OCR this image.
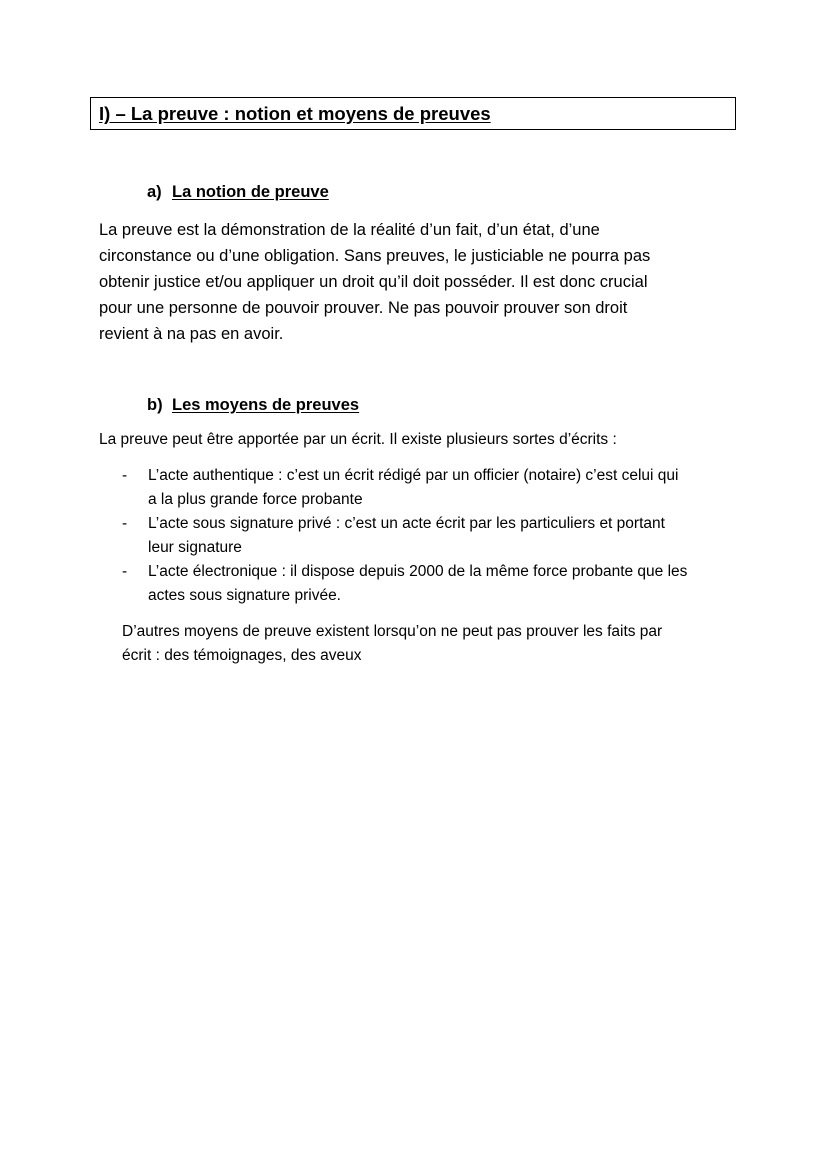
I) – La preuve : notion et moyens de preuves
a) La notion de preuve
La preuve est la démonstration de la réalité d’un fait, d’un état, d’une
circonstance ou d’une obligation. Sans preuves, le justiciable ne pourra pas
obtenir justice et/ou appliquer un droit qu’il doit posséder. Il est donc crucial
pour une personne de pouvoir prouver. Ne pas pouvoir prouver son droit
revient à na pas en avoir.
b) Les moyens de preuves
La preuve peut être apportée par un écrit. Il existe plusieurs sortes d’écrits :
- L’acte authentique : c’est un écrit rédigé par un officier (notaire) c’est celui qui
a la plus grande force probante
- L’acte sous signature privé : c’est un acte écrit par les particuliers et portant
leur signature
- L’acte électronique : il dispose depuis 2000 de la même force probante que les
actes sous signature privée.
D’autres moyens de preuve existent lorsqu’on ne peut pas prouver les faits par
écrit : des témoignages, des aveux
